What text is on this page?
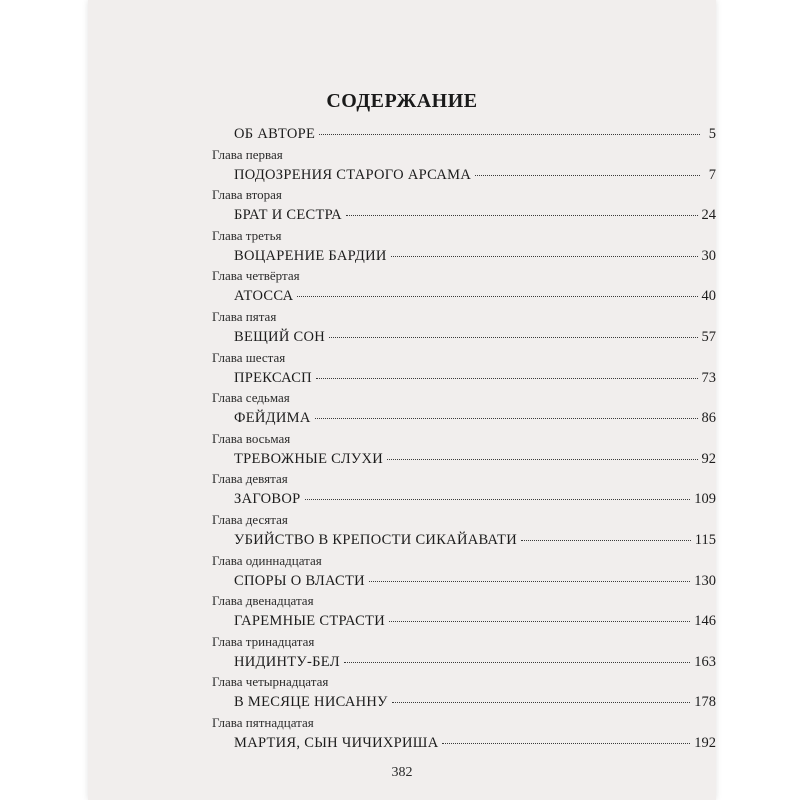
СОДЕРЖАНИЕ
ОБ АВТОРЕ	5
Глава первая
ПОДОЗРЕНИЯ СТАРОГО АРСАМА	7
Глава вторая
БРАТ И СЕСТРА	24
Глава третья
ВОЦАРЕНИЕ БАРДИИ	30
Глава четвёртая
АТОССА	40
Глава пятая
ВЕЩИЙ СОН	57
Глава шестая
ПРЕКСАСП	73
Глава седьмая
ФЕЙДИМА	86
Глава восьмая
ТРЕВОЖНЫЕ СЛУХИ	92
Глава девятая
ЗАГОВОР	109
Глава десятая
УБИЙСТВО В КРЕПОСТИ СИКАЙАВАТИ	115
Глава одиннадцатая
СПОРЫ О ВЛАСТИ	130
Глава двенадцатая
ГАРЕМНЫЕ СТРАСТИ	146
Глава тринадцатая
НИДИНТУ-БЕЛ	163
Глава четырнадцатая
В МЕСЯЦЕ НИСАННУ	178
Глава пятнадцатая
МАРТИЯ, СЫН ЧИЧИХРИША	192
382
